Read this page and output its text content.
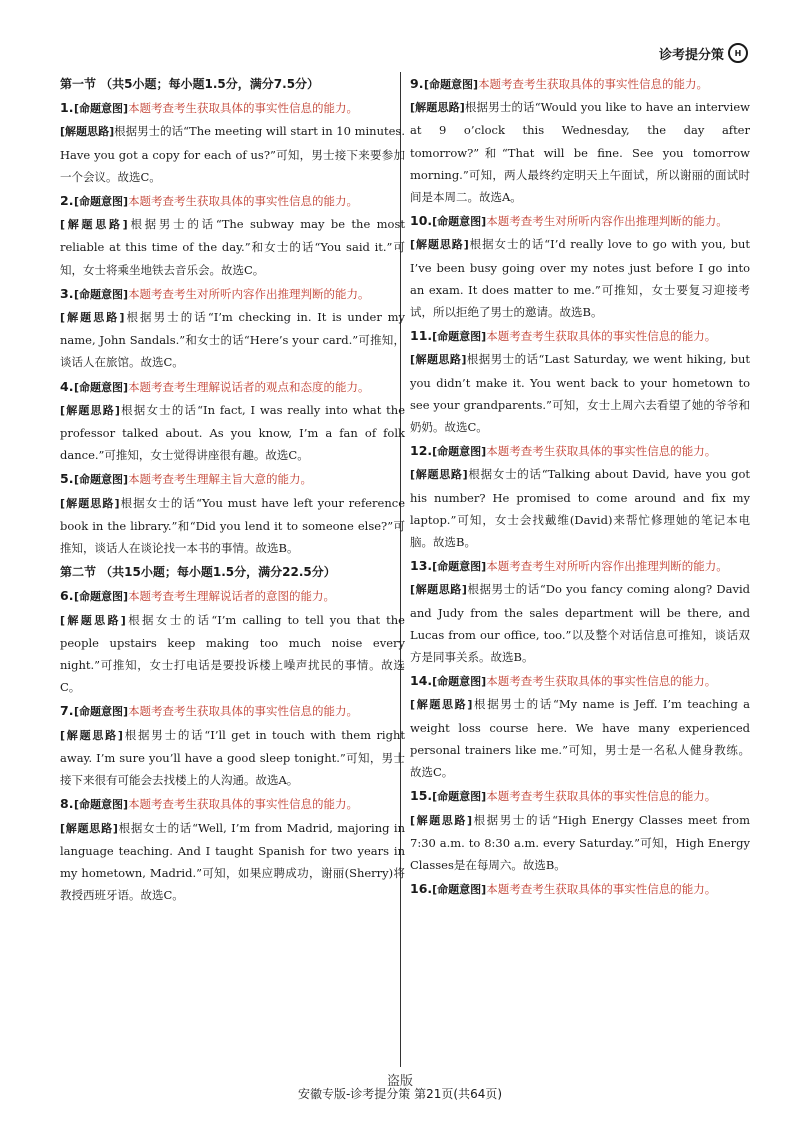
诊考提分策	H
第一节 （共5小题；每小题1.5分，满分7.5分）
1. [命题意图]本题考查考生获取具体的事实性信息的能力。
[解题思路]根据男士的话“The meeting will start in 10 minutes. Have you got a copy for each of us?”可知，男士接下来要参加一个会议。故选C。
2. [命题意图]本题考查考生获取具体的事实性信息的能力。
[解题思路]根据男士的话“The subway may be the most reliable at this time of the day.”和女士的话“You said it.”可知，女士将乘坐地铁去音乐会。故选C。
3. [命题意图]本题考查考生对所听内容作出推理判断的能力。
[解题思路]根据男士的话“I’m checking in. It is under my name, John Sandals.”和女士的话“Here’s your card.”可推知，谈话人在旅馆。故选C。
4. [命题意图]本题考查考生理解说话者的观点和态度的能力。
[解题思路]根据女士的话“In fact, I was really into what the professor talked about. As you know, I’m a fan of folk dance.”可推知，女士觉得讲座很有趣。故选C。
5. [命题意图]本题考查考生理解主旨大意的能力。
[解题思路]根据女士的话“You must have left your reference book in the library.”和“Did you lend it to someone else?”可推知，谈话人在谈论找一本书的事情。故选B。
第二节 （共15小题；每小题1.5分，满分22.5分）
6. [命题意图]本题考查考生理解说话者的意图的能力。
[解题思路]根据女士的话“I’m calling to tell you that the people upstairs keep making too much noise every night.”可推知，女士打电话是要投诉楼上噪声扰民的事情。故选C。
7. [命题意图]本题考查考生获取具体的事实性信息的能力。
[解题思路]根据男士的话“I’ll get in touch with them right away. I’m sure you’ll have a good sleep tonight.”可知，男士接下来很有可能会去找楼上的人沟通。故选A。
8. [命题意图]本题考查考生获取具体的事实性信息的能力。
[解题思路]根据女士的话“Well, I’m from Madrid, majoring in language teaching. And I taught Spanish for two years in my hometown, Madrid.”可知，如果应聘成功，谢丽(Sherry)将教授西班牙语。故选C。
9. [命题意图]本题考查考生获取具体的事实性信息的能力。
[解题思路]根据男士的话“Would you like to have an interview at 9 o’clock this Wednesday, the day after tomorrow?”和“That will be fine. See you tomorrow morning.”可知，两人最终约定明天上午面试，所以谢丽的面试时间是本周二。故选A。
10. [命题意图]本题考查考生对所听内容作出推理判断的能力。
[解题思路]根据女士的话“I’d really love to go with you, but I’ve been busy going over my notes just before I go into an exam. It does matter to me.”可推知，女士要复习迎接考试，所以拒绝了男士的邀请。故选B。
11. [命题意图]本题考查考生获取具体的事实性信息的能力。
[解题思路]根据男士的话“Last Saturday, we went hiking, but you didn’t make it. You went back to your hometown to see your grandparents.”可知，女士上周六去看望了她的爷爷和奶奶。故选C。
12. [命题意图]本题考查考生获取具体的事实性信息的能力。
[解题思路]根据女士的话“Talking about David, have you got his number? He promised to come around and fix my laptop.”可知，女士会找戴维(David)来帮忙修理她的笔记本电脑。故选B。
13. [命题意图]本题考查考生对所听内容作出推理判断的能力。
[解题思路]根据男士的话“Do you fancy coming along? David and Judy from the sales department will be there, and Lucas from our office, too.”以及整个对话信息可推知，谈话双方是同事关系。故选B。
14. [命题意图]本题考查考生获取具体的事实性信息的能力。
[解题思路]根据男士的话“My name is Jeff. I’m teaching a weight loss course here. We have many experienced personal trainers like me.”可知，男士是一名私人健身教练。故选C。
15. [命题意图]本题考查考生获取具体的事实性信息的能力。
[解题思路]根据男士的话“High Energy Classes meet from 7:30 a.m. to 8:30 a.m. every Saturday.”可知，High Energy Classes是在每周六。故选B。
16. [命题意图]本题考查考生获取具体的事实性信息的能力。
盗版
安徽专版-诊考提分策 第21页(共64页)
